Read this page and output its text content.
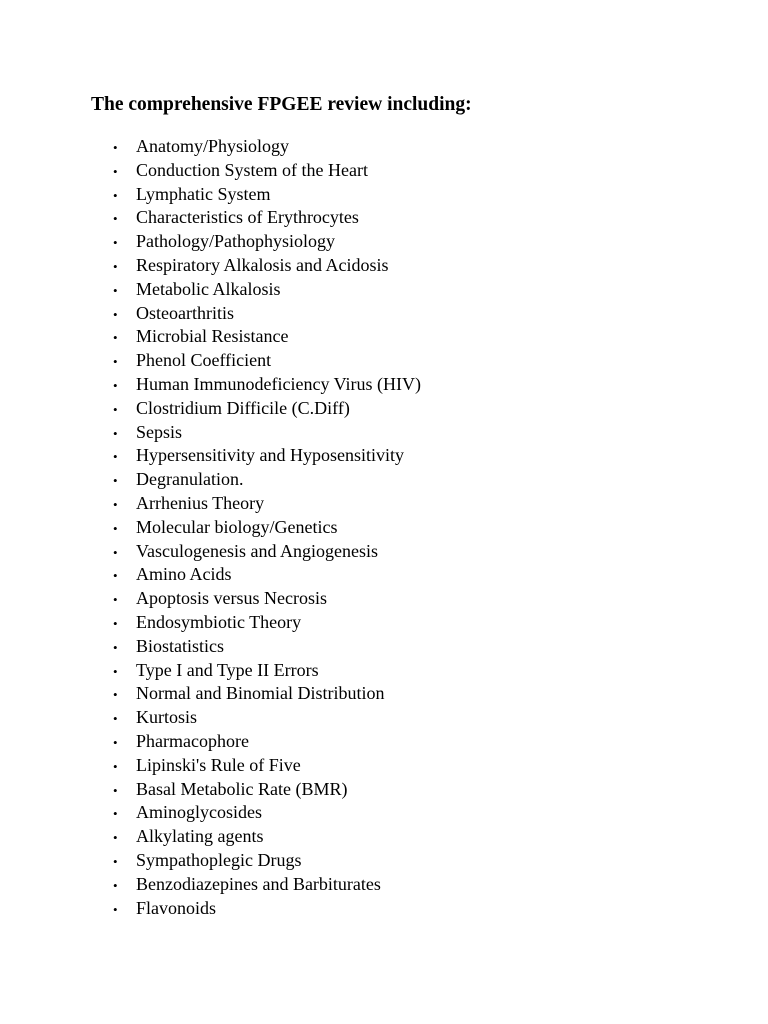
The comprehensive FPGEE review including:
• Anatomy/Physiology
• Conduction System of the Heart
• Lymphatic System
• Characteristics of Erythrocytes
• Pathology/Pathophysiology
• Respiratory Alkalosis and Acidosis
• Metabolic Alkalosis
• Osteoarthritis
• Microbial Resistance
• Phenol Coefficient
• Human Immunodeficiency Virus (HIV)
• Clostridium Difficile (C.Diff)
• Sepsis
• Hypersensitivity and Hyposensitivity
• Degranulation.
• Arrhenius Theory
• Molecular biology/Genetics
• Vasculogenesis and Angiogenesis
• Amino Acids
• Apoptosis versus Necrosis
• Endosymbiotic Theory
• Biostatistics
• Type I and Type II Errors
• Normal and Binomial Distribution
• Kurtosis
• Pharmacophore
• Lipinski's Rule of Five
• Basal Metabolic Rate (BMR)
• Aminoglycosides
• Alkylating agents
• Sympathoplegic Drugs
• Benzodiazepines and Barbiturates
• Flavonoids
